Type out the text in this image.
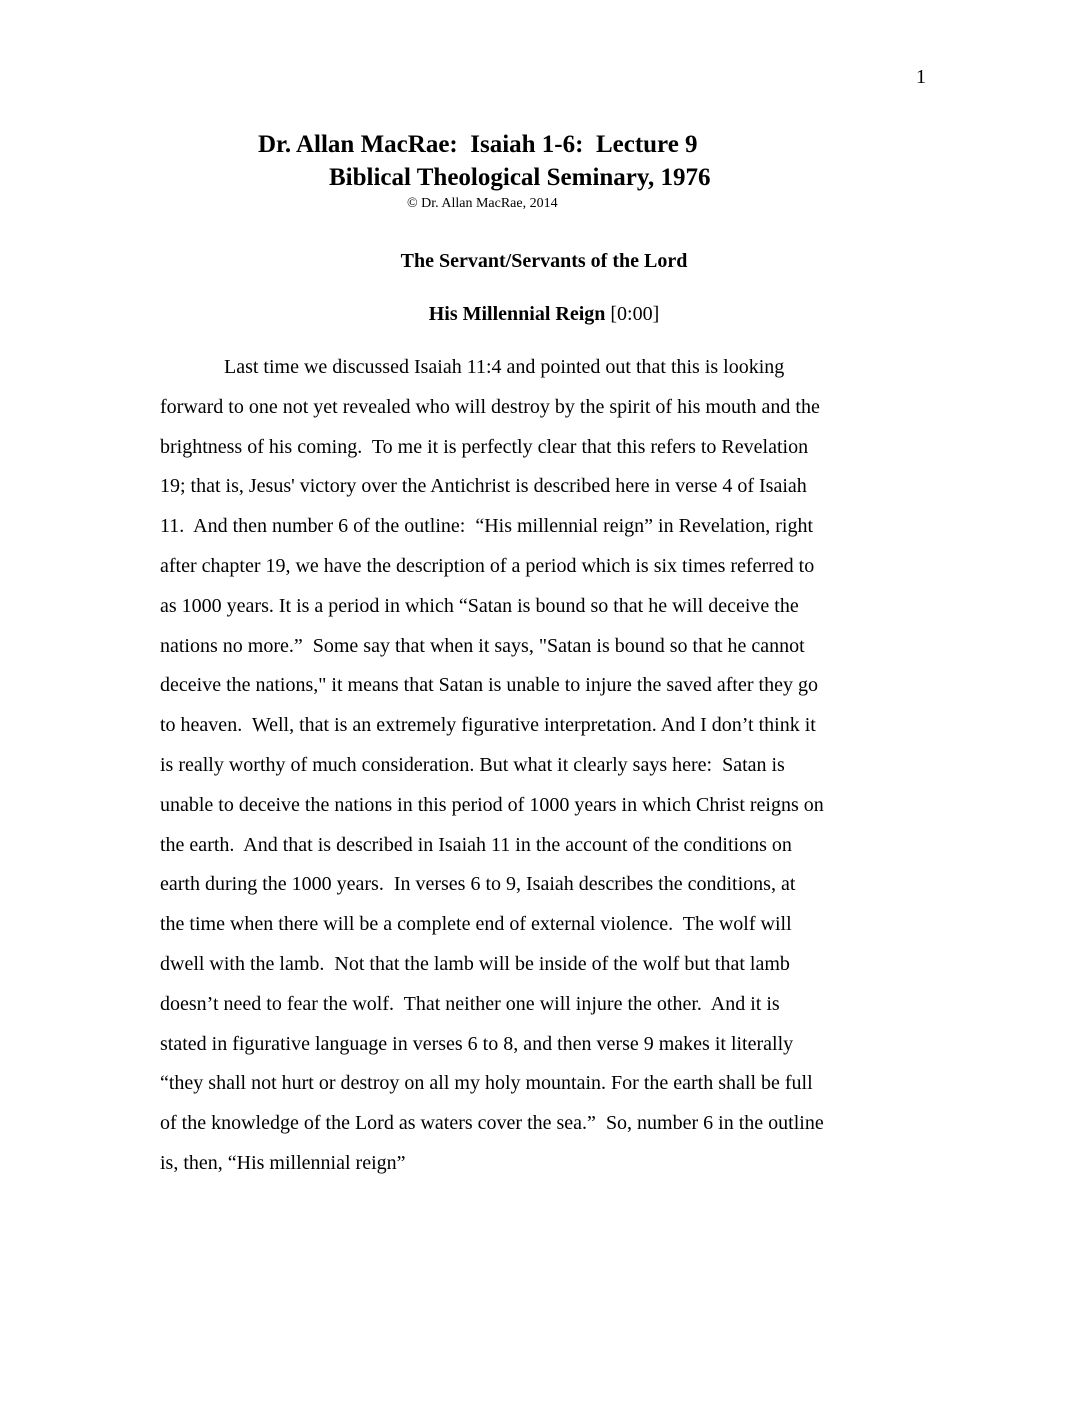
1
Dr. Allan MacRae:  Isaiah 1-6:  Lecture 9
Biblical Theological Seminary, 1976
© Dr. Allan MacRae, 2014
The Servant/Servants of the Lord
His Millennial Reign [0:00]
Last time we discussed Isaiah 11:4 and pointed out that this is looking
forward to one not yet revealed who will destroy by the spirit of his mouth and the
brightness of his coming.  To me it is perfectly clear that this refers to Revelation
19; that is, Jesus' victory over the Antichrist is described here in verse 4 of Isaiah
11.  And then number 6 of the outline:  “His millennial reign” in Revelation, right
after chapter 19, we have the description of a period which is six times referred to
as 1000 years. It is a period in which “Satan is bound so that he will deceive the
nations no more.”  Some say that when it says, "Satan is bound so that he cannot
deceive the nations," it means that Satan is unable to injure the saved after they go
to heaven.  Well, that is an extremely figurative interpretation. And I don’t think it
is really worthy of much consideration. But what it clearly says here:  Satan is
unable to deceive the nations in this period of 1000 years in which Christ reigns on
the earth.  And that is described in Isaiah 11 in the account of the conditions on
earth during the 1000 years.  In verses 6 to 9, Isaiah describes the conditions, at
the time when there will be a complete end of external violence.  The wolf will
dwell with the lamb.  Not that the lamb will be inside of the wolf but that lamb
doesn’t need to fear the wolf.  That neither one will injure the other.  And it is
stated in figurative language in verses 6 to 8, and then verse 9 makes it literally
“they shall not hurt or destroy on all my holy mountain. For the earth shall be full
of the knowledge of the Lord as waters cover the sea.”  So, number 6 in the outline
is, then, “His millennial reign”
